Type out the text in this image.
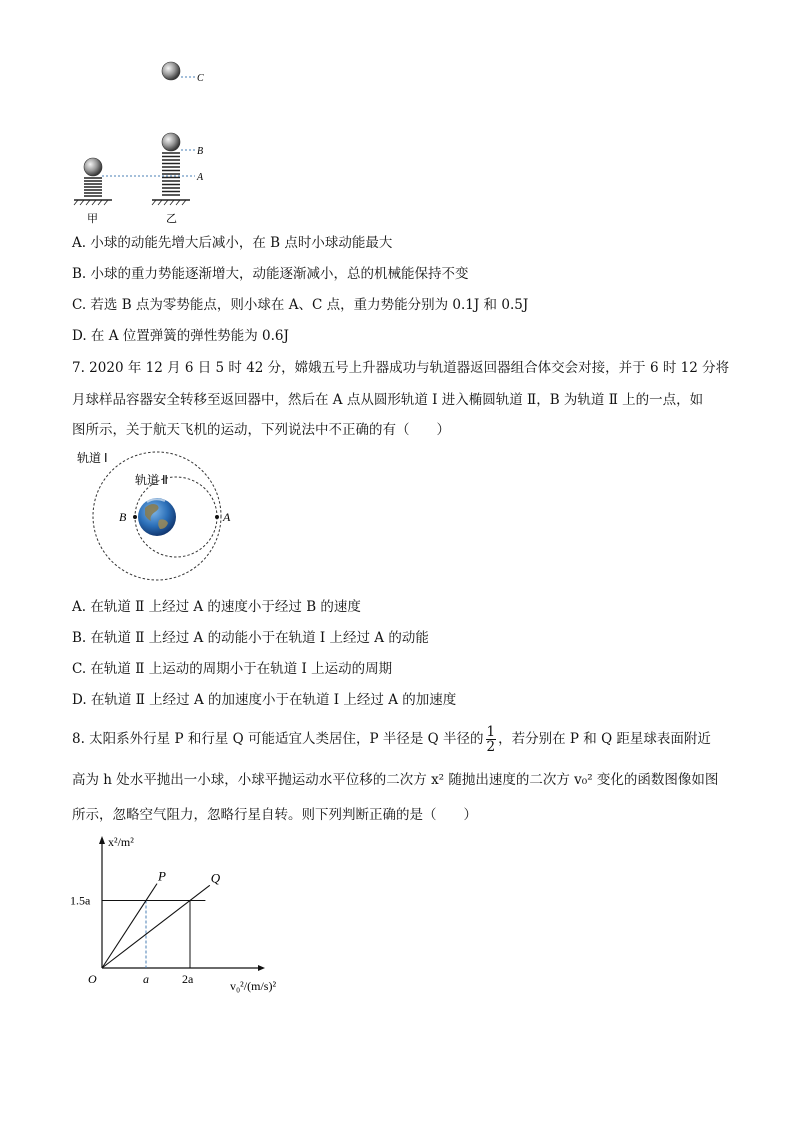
C
B
A
甲	乙
A. 小球的动能先增大后减小，在 B 点时小球动能最大
B. 小球的重力势能逐渐增大，动能逐渐减小，总的机械能保持不变
C. 若选 B 点为零势能点，则小球在 A、C 点，重力势能分别为 0.1J 和 0.5J
D. 在 A 位置弹簧的弹性势能为 0.6J
7. 2020 年 12 月 6 日 5 时 42 分，嫦娥五号上升器成功与轨道器返回器组合体交会对接，并于 6 时 12 分将
月球样品容器安全转移至返回器中，然后在 A 点从圆形轨道 Ⅰ 进入椭圆轨道 Ⅱ，B 为轨道 Ⅱ 上的一点，如
图所示，关于航天飞机的运动，下列说法中不正确的有（　　）
轨道 Ⅰ
轨道 Ⅱ
B	A
A. 在轨道 Ⅱ 上经过 A 的速度小于经过 B 的速度
B. 在轨道 Ⅱ 上经过 A 的动能小于在轨道 Ⅰ 上经过 A 的动能
C. 在轨道 Ⅱ 上运动的周期小于在轨道 Ⅰ 上运动的周期
D. 在轨道 Ⅱ 上经过 A 的加速度小于在轨道 Ⅰ 上经过 A 的加速度
8. 太阳系外行星 P 和行星 Q 可能适宜人类居住，P 半径是 Q 半径的 $\frac{1}{2}$ ，若分别在 P 和 Q 距星球表面附近
高为 h 处水平抛出一小球，小球平抛运动水平位移的二次方 x² 随抛出速度的二次方 v₀² 变化的函数图像如图
所示，忽略空气阻力，忽略行星自转。则下列判断正确的是（　　）
P	Q
a	2a
1.5a
O
x²/m²
v₀²/(m/s)²
